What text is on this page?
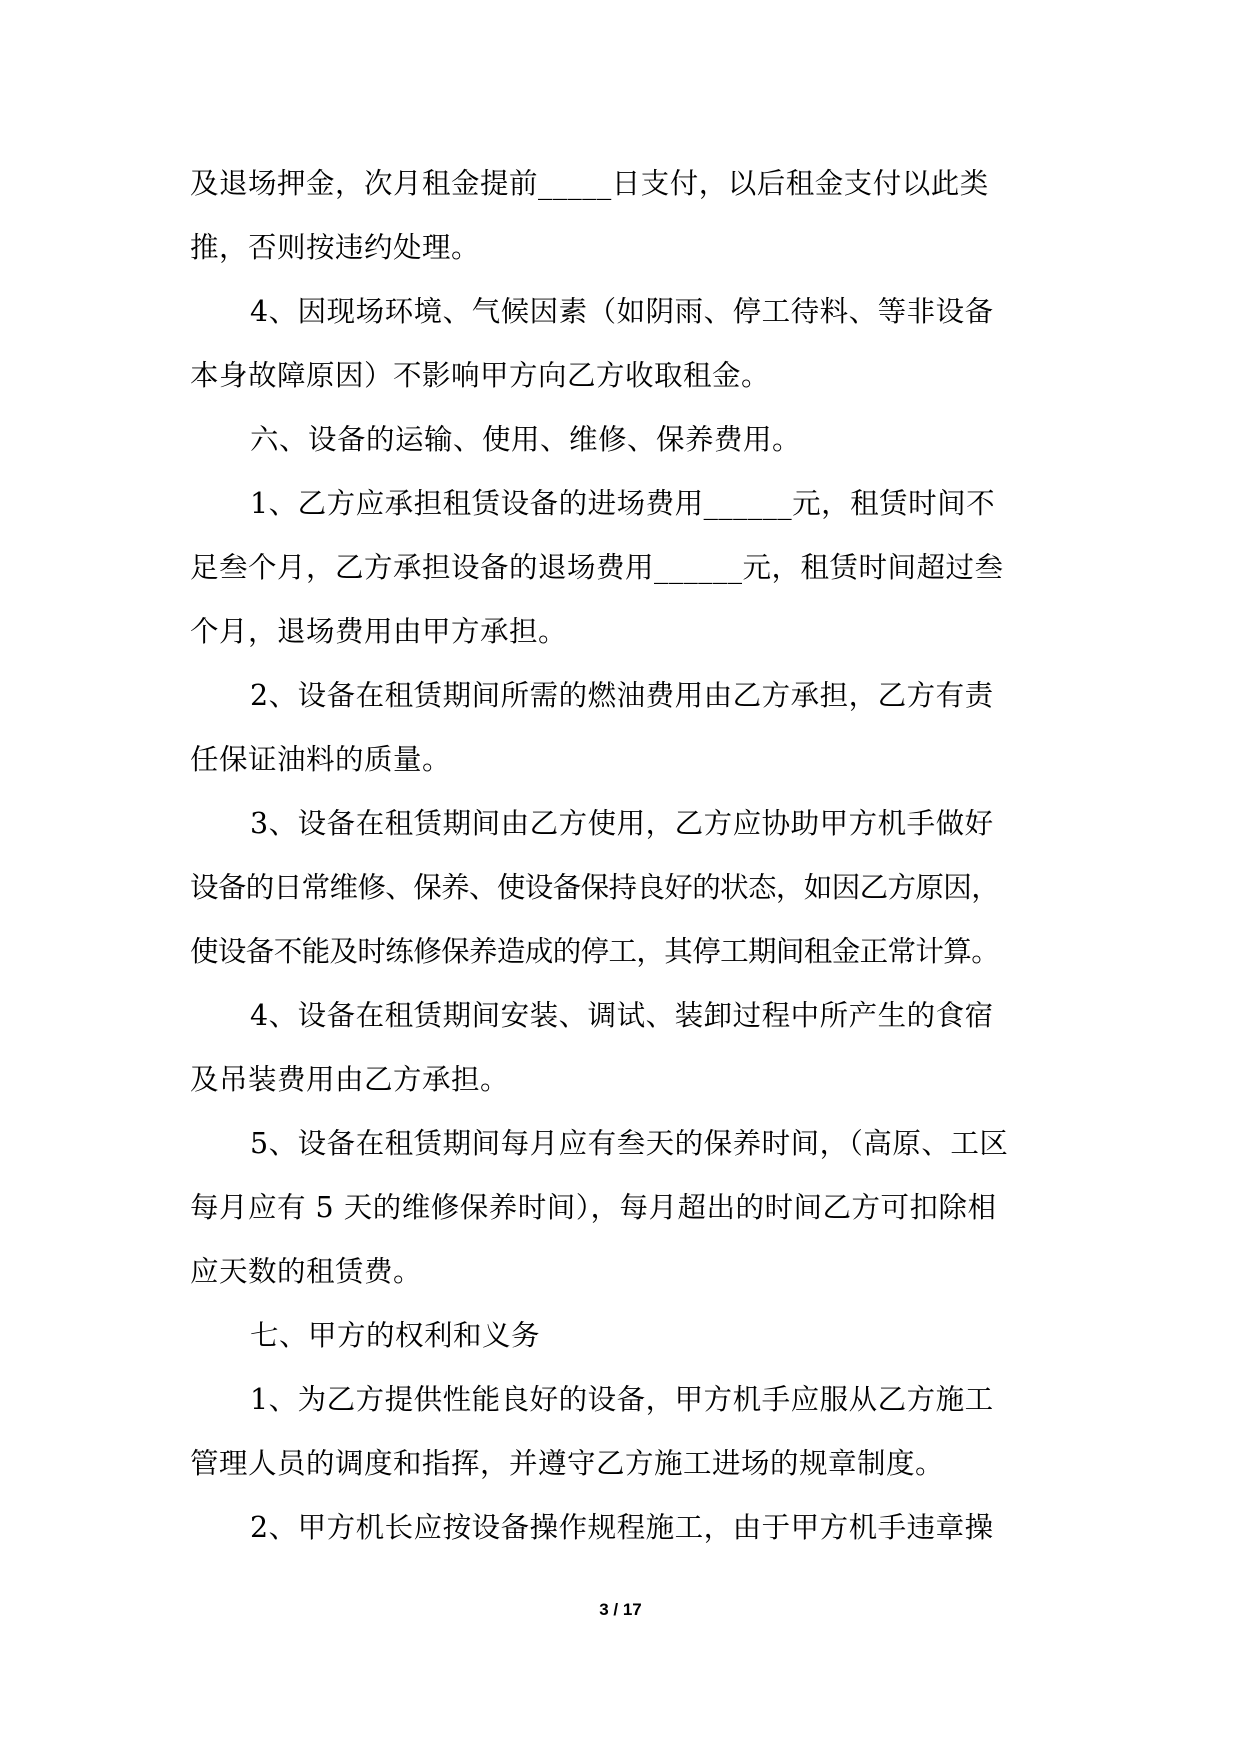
及退场押金，次月租金提前_____日支付，以后租金支付以此类
推，否则按违约处理。
4、因现场环境、气候因素（如阴雨、停工待料、等非设备
本身故障原因）不影响甲方向乙方收取租金。
六、设备的运输、使用、维修、保养费用。
1、乙方应承担租赁设备的进场费用______元，租赁时间不
足叁个月，乙方承担设备的退场费用______元，租赁时间超过叁
个月，退场费用由甲方承担。
2、设备在租赁期间所需的燃油费用由乙方承担，乙方有责
任保证油料的质量。
3、设备在租赁期间由乙方使用，乙方应协助甲方机手做好
设备的日常维修、保养、使设备保持良好的状态，如因乙方原因，
使设备不能及时练修保养造成的停工，其停工期间租金正常计算。
4、设备在租赁期间安装、调试、装卸过程中所产生的食宿
及吊装费用由乙方承担。
5、设备在租赁期间每月应有叁天的保养时间，（高原、工区
每月应有 5 天的维修保养时间），每月超出的时间乙方可扣除相
应天数的租赁费。
七、甲方的权利和义务
1、为乙方提供性能良好的设备，甲方机手应服从乙方施工
管理人员的调度和指挥，并遵守乙方施工进场的规章制度。
2、甲方机长应按设备操作规程施工，由于甲方机手违章操
3 / 17
